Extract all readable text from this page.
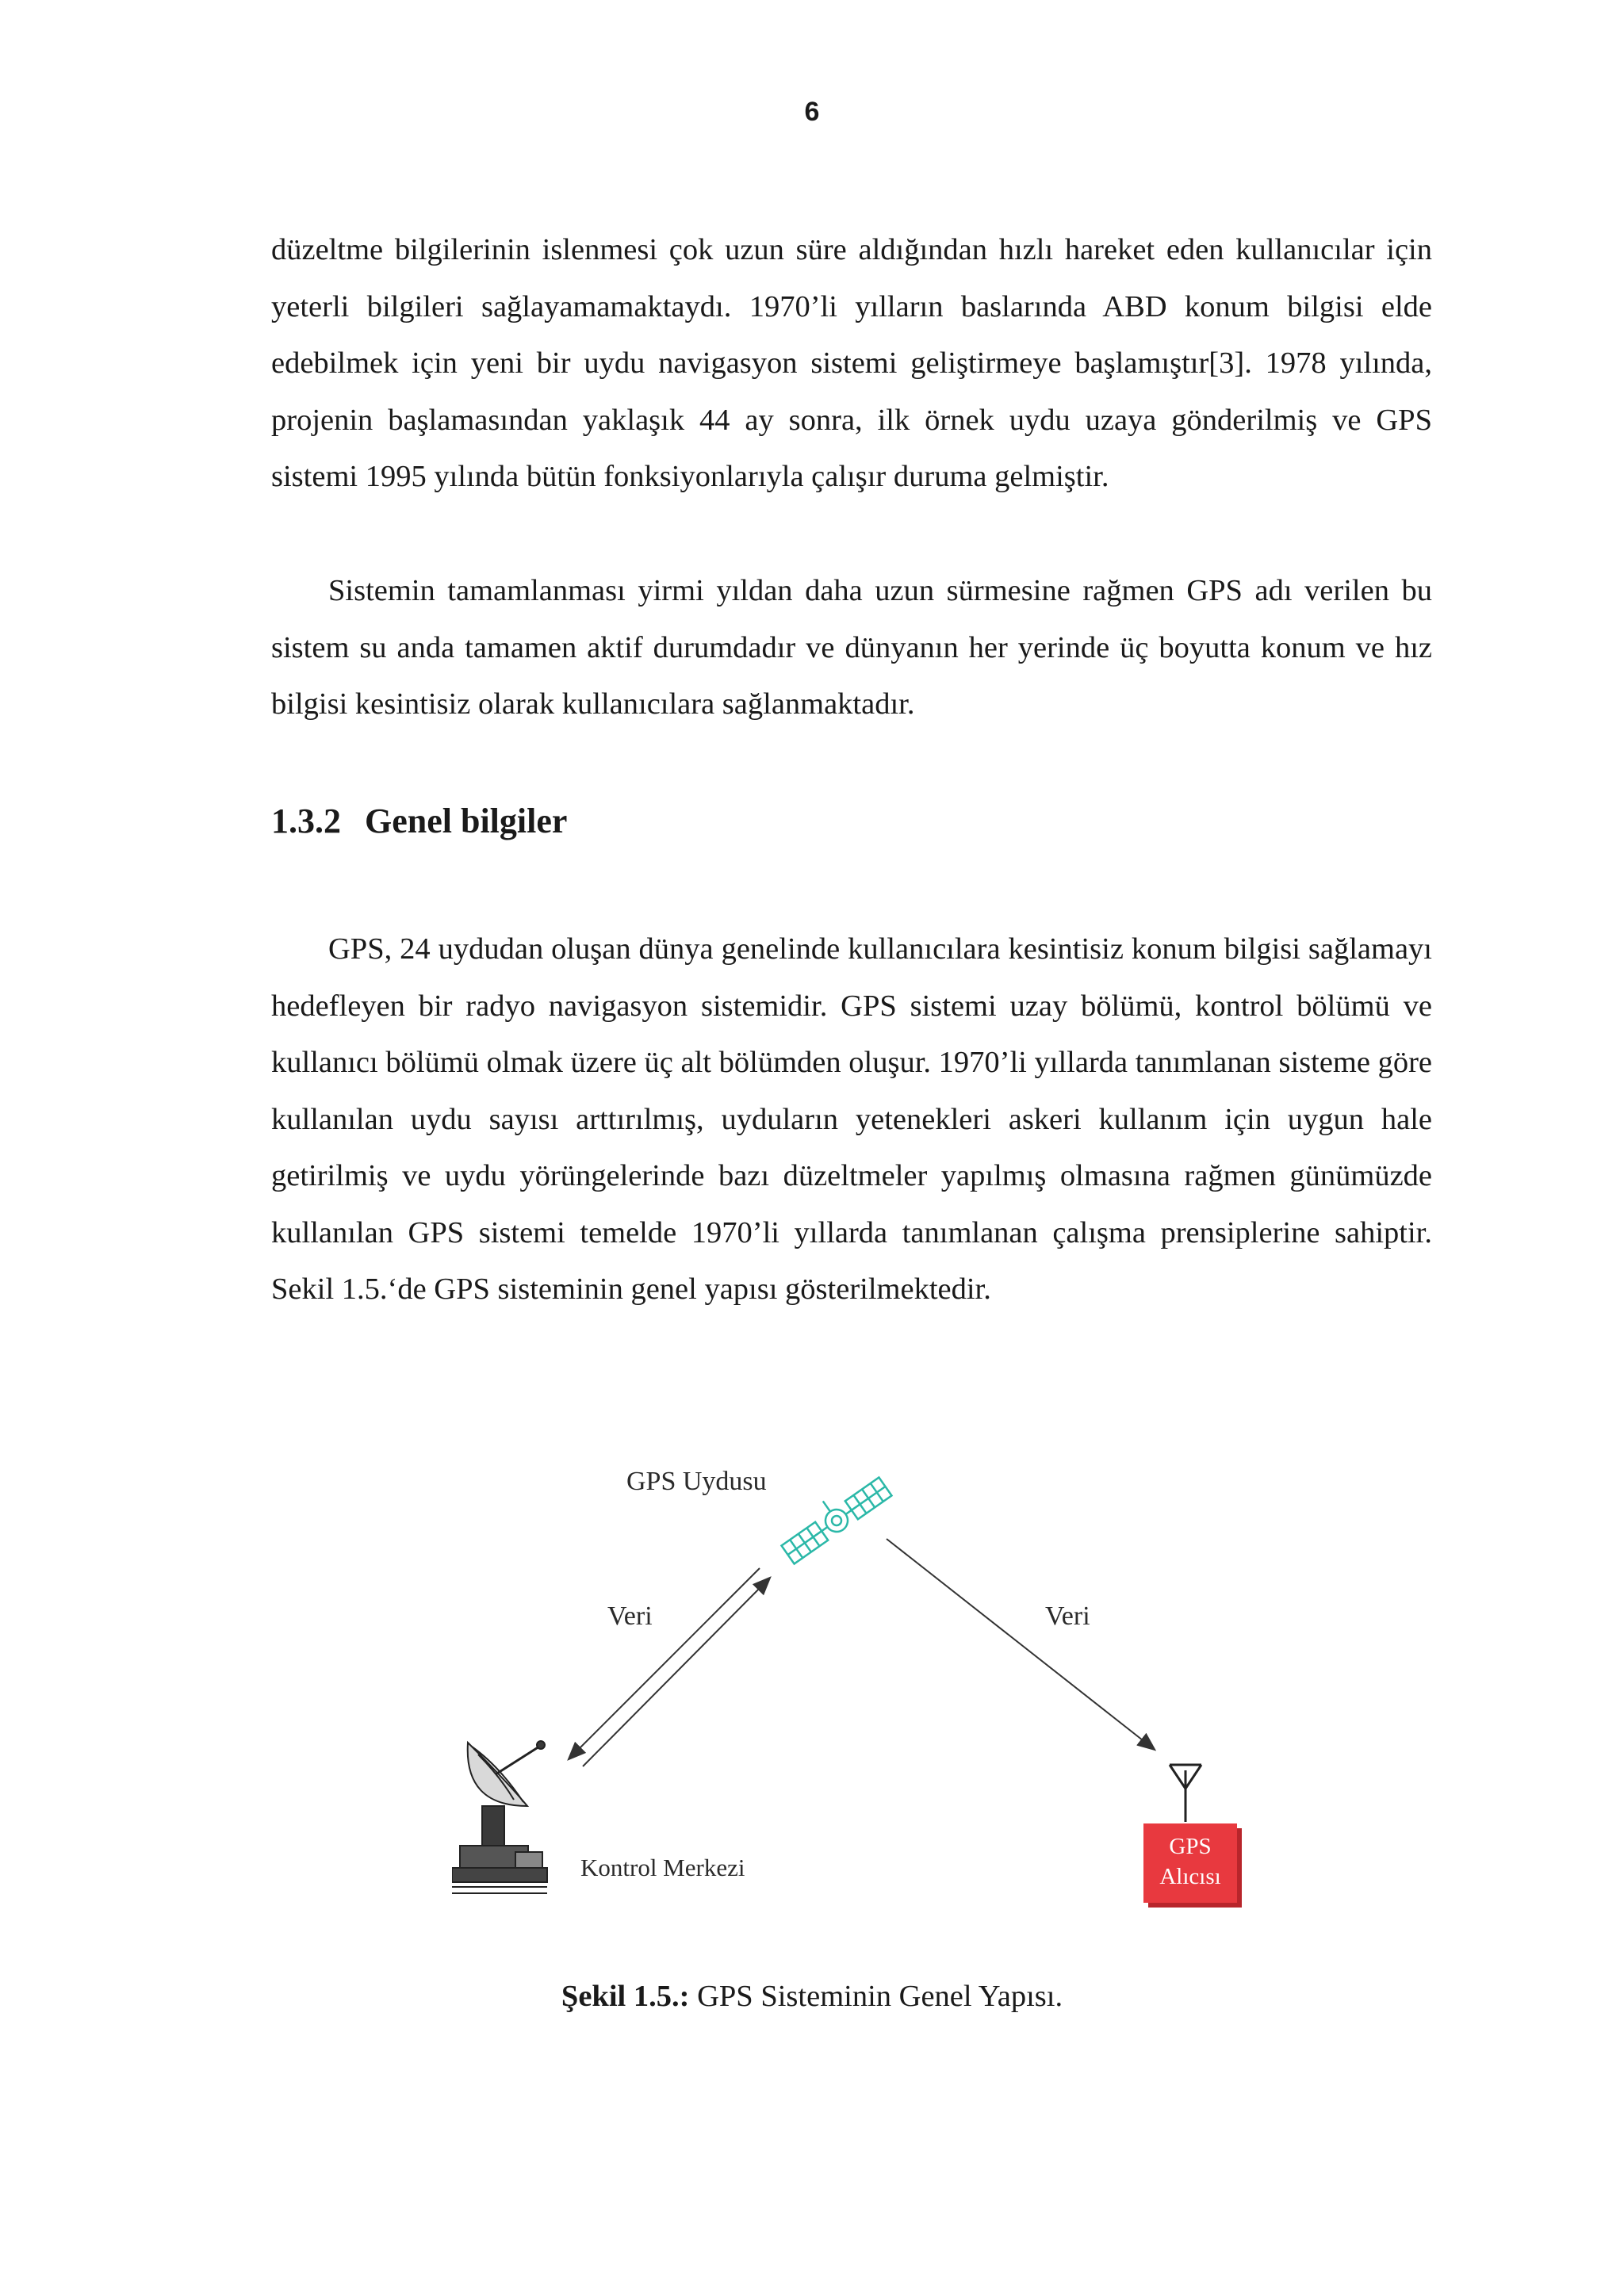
6

düzeltme bilgilerinin islenmesi çok uzun süre aldığından hızlı hareket eden kullanıcılar için yeterli bilgileri sağlayamamaktaydı. 1970’li yılların baslarında ABD konum bilgisi elde edebilmek için yeni bir uydu navigasyon sistemi geliştirmeye başlamıştır[3]. 1978 yılında, projenin başlamasından yaklaşık 44 ay sonra, ilk örnek uydu uzaya gönderilmiş ve GPS sistemi 1995 yılında bütün fonksiyonlarıyla çalışır duruma gelmiştir.

Sistemin tamamlanması yirmi yıldan daha uzun sürmesine rağmen GPS adı verilen bu sistem su anda tamamen aktif durumdadır ve dünyanın her yerinde üç boyutta konum ve hız bilgisi kesintisiz olarak kullanıcılara sağlanmaktadır.

1.3.2 Genel bilgiler

GPS, 24 uydudan oluşan dünya genelinde kullanıcılara kesintisiz konum bilgisi sağlamayı hedefleyen bir radyo navigasyon sistemidir. GPS sistemi uzay bölümü, kontrol bölümü ve kullanıcı bölümü olmak üzere üç alt bölümden oluşur. 1970’li yıllarda tanımlanan sisteme göre kullanılan uydu sayısı arttırılmış, uyduların yetenekleri askeri kullanım için uygun hale getirilmiş ve uydu yörüngelerinde bazı düzeltmeler yapılmış olmasına rağmen günümüzde kullanılan GPS sistemi temelde 1970’li yıllarda tanımlanan çalışma prensiplerine sahiptir. Sekil 1.5.‘de GPS sisteminin genel yapısı gösterilmektedir.

GPS Uydusu
Veri	Veri
Kontrol Merkezi
GPS
Alıcısı

Şekil 1.5.: GPS Sisteminin Genel Yapısı.
